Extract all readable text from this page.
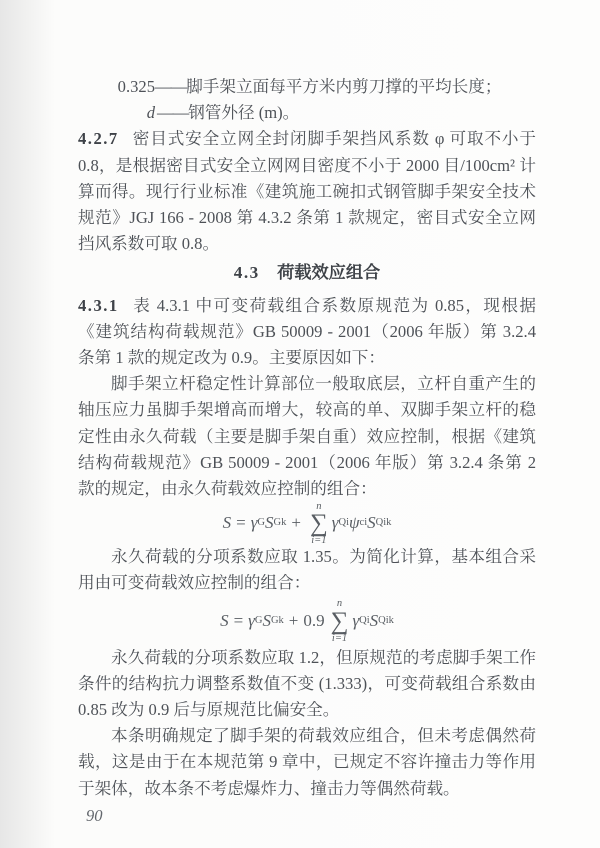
0.325 —— 脚手架立面每平方米内剪刀撑的平均长度；
d —— 钢管外径 (m)。

4.2.7 密目式安全立网全封闭脚手架挡风系数 φ 可取不小于 0.8，是根据密目式安全立网网目密度不小于 2000 目/100cm² 计算而得。现行行业标准《建筑施工碗扣式钢管脚手架安全技术规范》JGJ 166 - 2008 第 4.3.2 条第 1 款规定，密目式安全立网挡风系数可取 0.8。

4.3 荷载效应组合

4.3.1 表 4.3.1 中可变荷载组合系数原规范为 0.85，现根据《建筑结构荷载规范》GB 50009 - 2001（2006 年版）第 3.2.4 条第 1 款的规定改为 0.9。主要原因如下：

脚手架立杆稳定性计算部位一般取底层，立杆自重产生的轴压应力虽脚手架增高而增大，较高的单、双脚手架立杆的稳定性由永久荷载（主要是脚手架自重）效应控制，根据《建筑结构荷载规范》GB 50009 - 2001（2006 年版）第 3.2.4 条第 2 款的规定，由永久荷载效应控制的组合：

S = γ G S Gk +
n
∑
i=1
γ Qi ψ ci S Qik

永久荷载的分项系数应取 1.35。为简化计算，基本组合采用由可变荷载效应控制的组合：

S = γ G S Gk + 0.9
n
∑
i=1
γ Qi S Qik

永久荷载的分项系数应取 1.2，但原规范的考虑脚手架工作条件的结构抗力调整系数值不变 (1.333)，可变荷载组合系数由 0.85 改为 0.9 后与原规范比偏安全。

本条明确规定了脚手架的荷载效应组合，但未考虑偶然荷载，这是由于在本规范第 9 章中，已规定不容许撞击力等作用于架体，故本条不考虑爆炸力、撞击力等偶然荷载。

90
